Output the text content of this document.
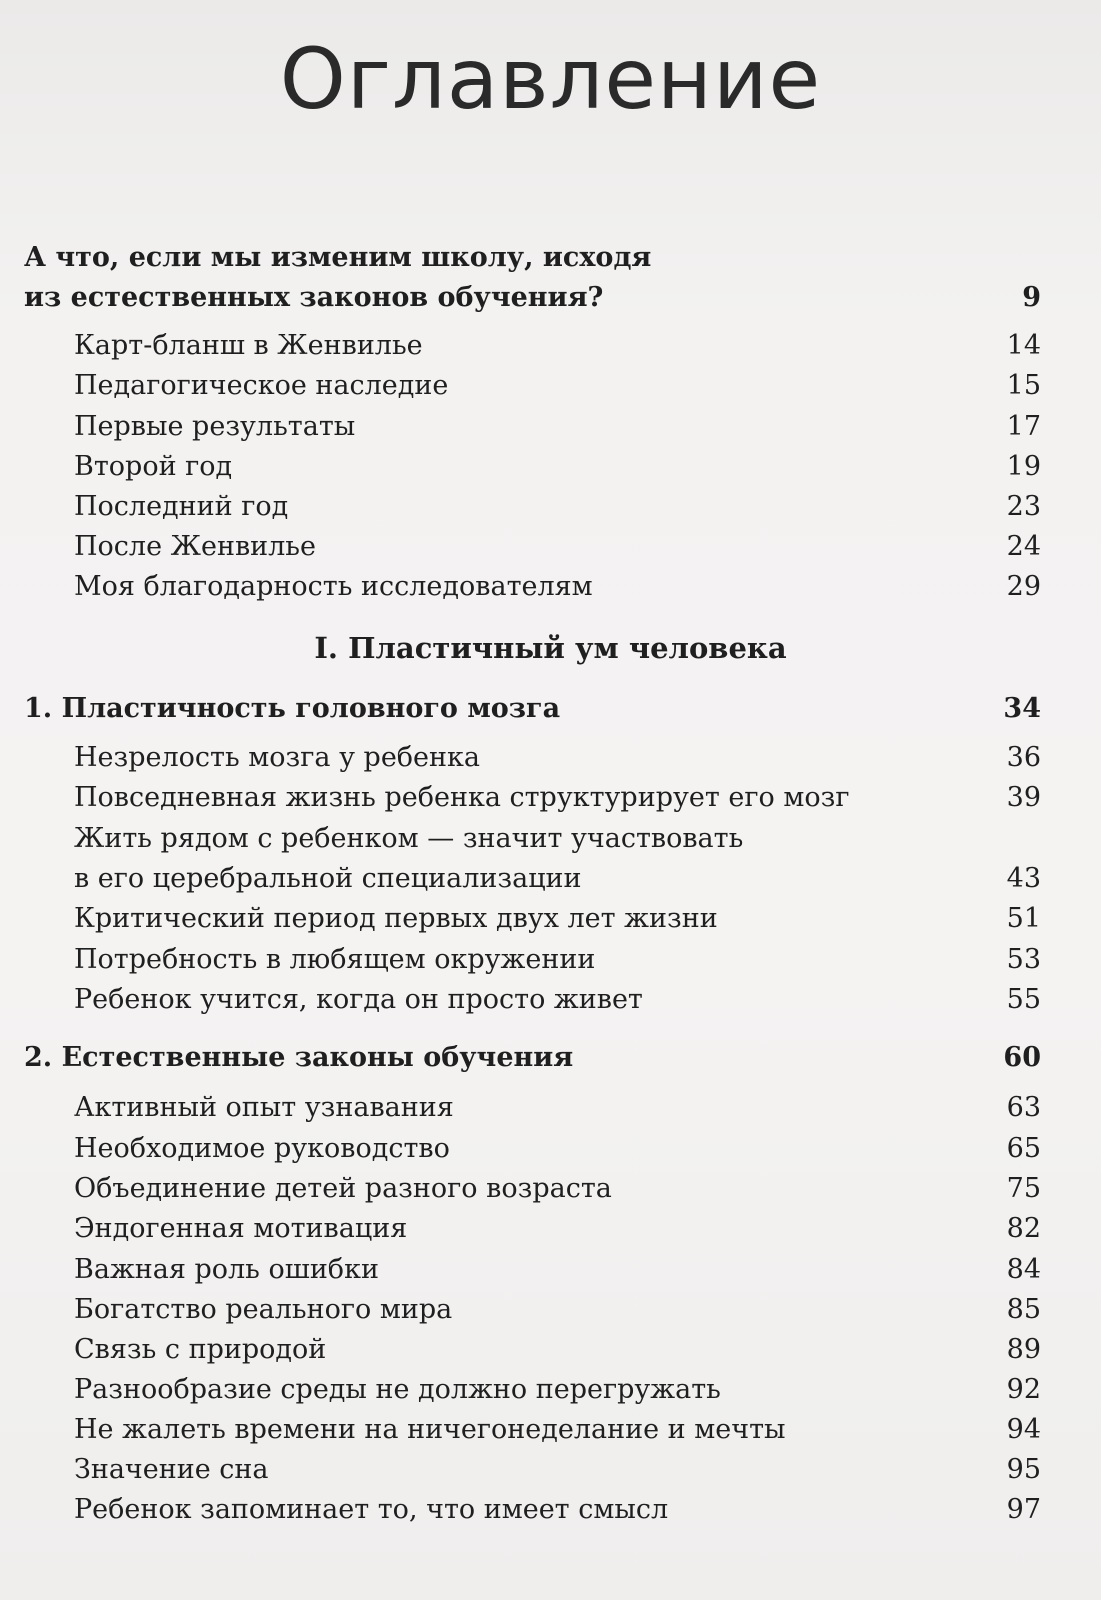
Оглавление
А что, если мы изменим школу, исходя
из естественных законов обучения?	9
Карт-бланш в Женвилье	14
Педагогическое наследие	15
Первые результаты	17
Второй год	19
Последний год	23
После Женвилье	24
Моя благодарность исследователям	29
I. Пластичный ум человека
1. Пластичность головного мозга	34
Незрелость мозга у ребенка	36
Повседневная жизнь ребенка структурирует его мозг	39
Жить рядом с ребенком — значит участвовать
в его церебральной специализации	43
Критический период первых двух лет жизни	51
Потребность в любящем окружении	53
Ребенок учится, когда он просто живет	55
2. Естественные законы обучения	60
Активный опыт узнавания	63
Необходимое руководство	65
Объединение детей разного возраста	75
Эндогенная мотивация	82
Важная роль ошибки	84
Богатство реального мира	85
Связь с природой	89
Разнообразие среды не должно перегружать	92
Не жалеть времени на ничегонеделание и мечты	94
Значение сна	95
Ребенок запоминает то, что имеет смысл	97
